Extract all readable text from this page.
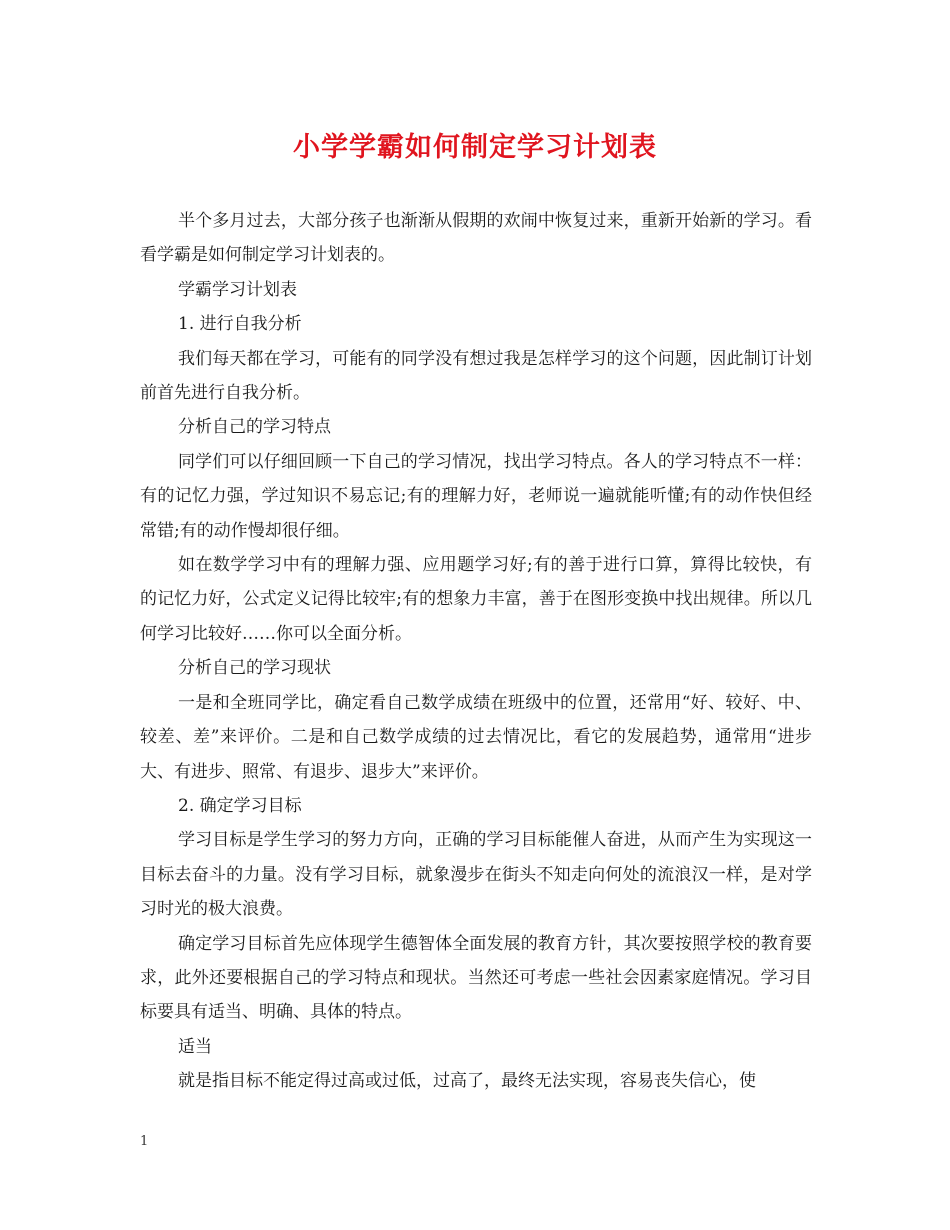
小学学霸如何制定学习计划表

半个多月过去，大部分孩子也渐渐从假期的欢闹中恢复过来，重新开始新的学习。看看学霸是如何制定学习计划表的。

学霸学习计划表

1. 进行自我分析

我们每天都在学习，可能有的同学没有想过我是怎样学习的这个问题，因此制订计划前首先进行自我分析。

分析自己的学习特点

同学们可以仔细回顾一下自己的学习情况，找出学习特点。各人的学习特点不一样：有的记忆力强，学过知识不易忘记;有的理解力好，老师说一遍就能听懂;有的动作快但经常错;有的动作慢却很仔细。

如在数学学习中有的理解力强、应用题学习好;有的善于进行口算，算得比较快，有的记忆力好，公式定义记得比较牢;有的想象力丰富，善于在图形变换中找出规律。所以几何学习比较好……你可以全面分析。

分析自己的学习现状

一是和全班同学比，确定看自己数学成绩在班级中的位置，还常用“好、较好、中、较差、差”来评价。二是和自己数学成绩的过去情况比，看它的发展趋势，通常用“进步大、有进步、照常、有退步、退步大”来评价。

2. 确定学习目标

学习目标是学生学习的努力方向，正确的学习目标能催人奋进，从而产生为实现这一目标去奋斗的力量。没有学习目标，就象漫步在街头不知走向何处的流浪汉一样，是对学习时光的极大浪费。

确定学习目标首先应体现学生德智体全面发展的教育方针，其次要按照学校的教育要求，此外还要根据自己的学习特点和现状。当然还可考虑一些社会因素家庭情况。学习目标要具有适当、明确、具体的特点。

适当

就是指目标不能定得过高或过低，过高了，最终无法实现，容易丧失信心，使

1
